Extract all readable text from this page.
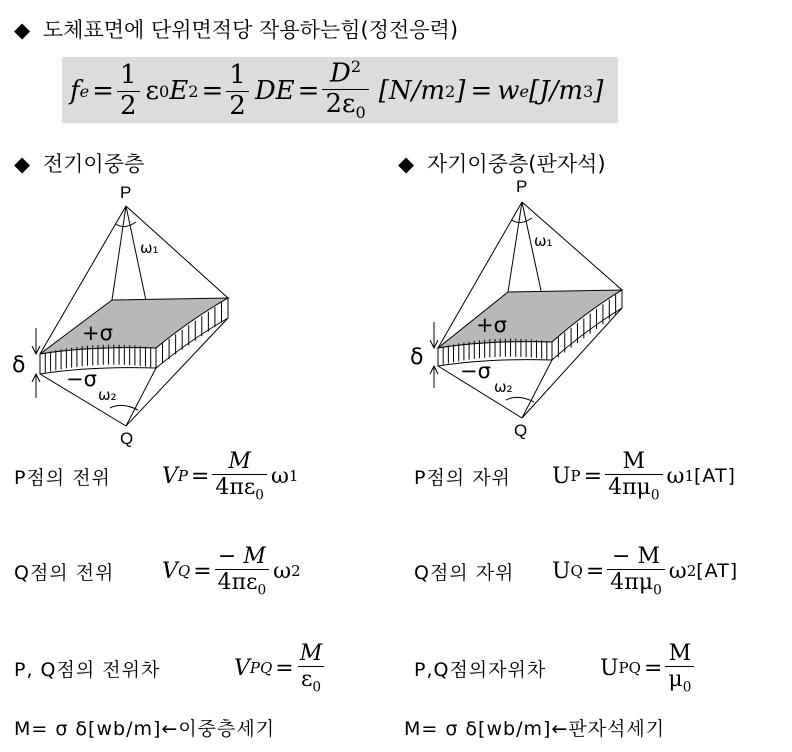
◆ 도체표면에 단위면적당 작용하는힘(정전응력)
f $e = \frac{1}{2}$ ε 0 E $2 = \frac{1}{2}$ DE = $\frac{D^2}{2\varepsilon_0} [N/m$ 2 ] = w e [J/m 3 ]
◆ 전기이중층	◆ 자기이중층(판자석)
P
Q
ω₁
ω₂
+σ
−σ
δ
P
Q
ω₁
ω₂
+σ
−σ
δ
P점의 전위	V $P = \frac{M}{4\pi\varepsilon_0}$ ω 1
Q점의 전위	V $Q = \frac{- M}{4\pi\varepsilon_0}$ ω 2
P, Q점의 전위차	V PQ = $\frac{M}{\varepsilon_0}$
P점의 자위	U $P = \frac{M}{4\pi\mu_0}$ ω 1 [AT]
Q점의 자위	U $Q = \frac{- M}{4\pi\mu_0}$ ω 2 [AT]
P,Q점의자위차	U PQ = $\frac{M}{\mu_0}$
M= σ δ[wb/m]←이중층세기	M= σ δ[wb/m]←판자석세기
